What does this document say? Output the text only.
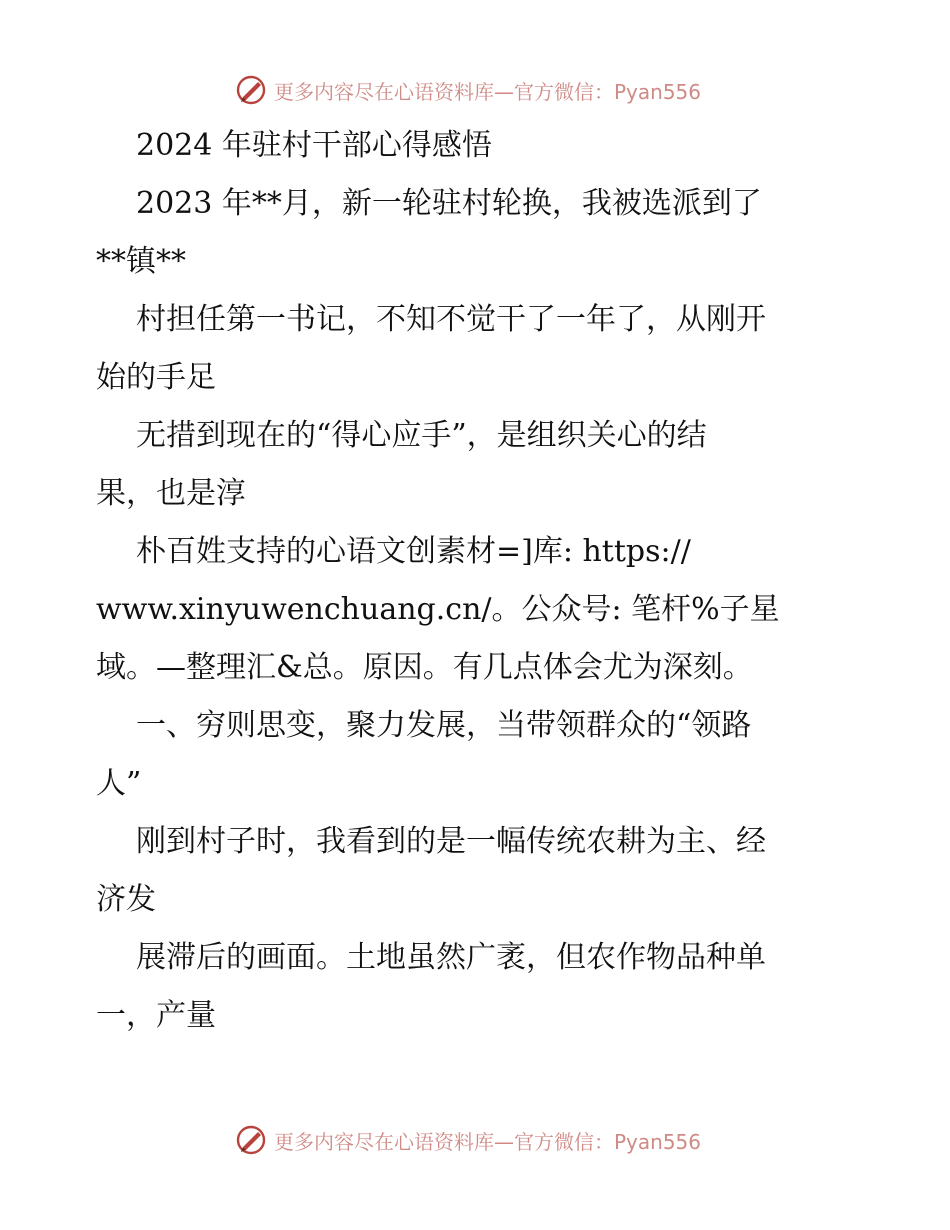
更多内容尽在心语资料库—官方微信：Pyan556
2024 年驻村干部心得感悟
2023 年**月，新一轮驻村轮换，我被选派到了
**镇**
村担任第一书记，不知不觉干了一年了，从刚开
始的手足
无措到现在的“得心应手”，是组织关心的结
果，也是淳
朴百姓支持的心语文创素材=]库: https://
www.xinyuwenchuang.cn/。公众号: 笔杆%子星
域。—整理汇&总。原因。有几点体会尤为深刻。
一、穷则思变，聚力发展，当带领群众的“领路
人”
刚到村子时，我看到的是一幅传统农耕为主、经
济发
展滞后的画面。土地虽然广袤，但农作物品种单
一，产量
更多内容尽在心语资料库—官方微信：Pyan556
